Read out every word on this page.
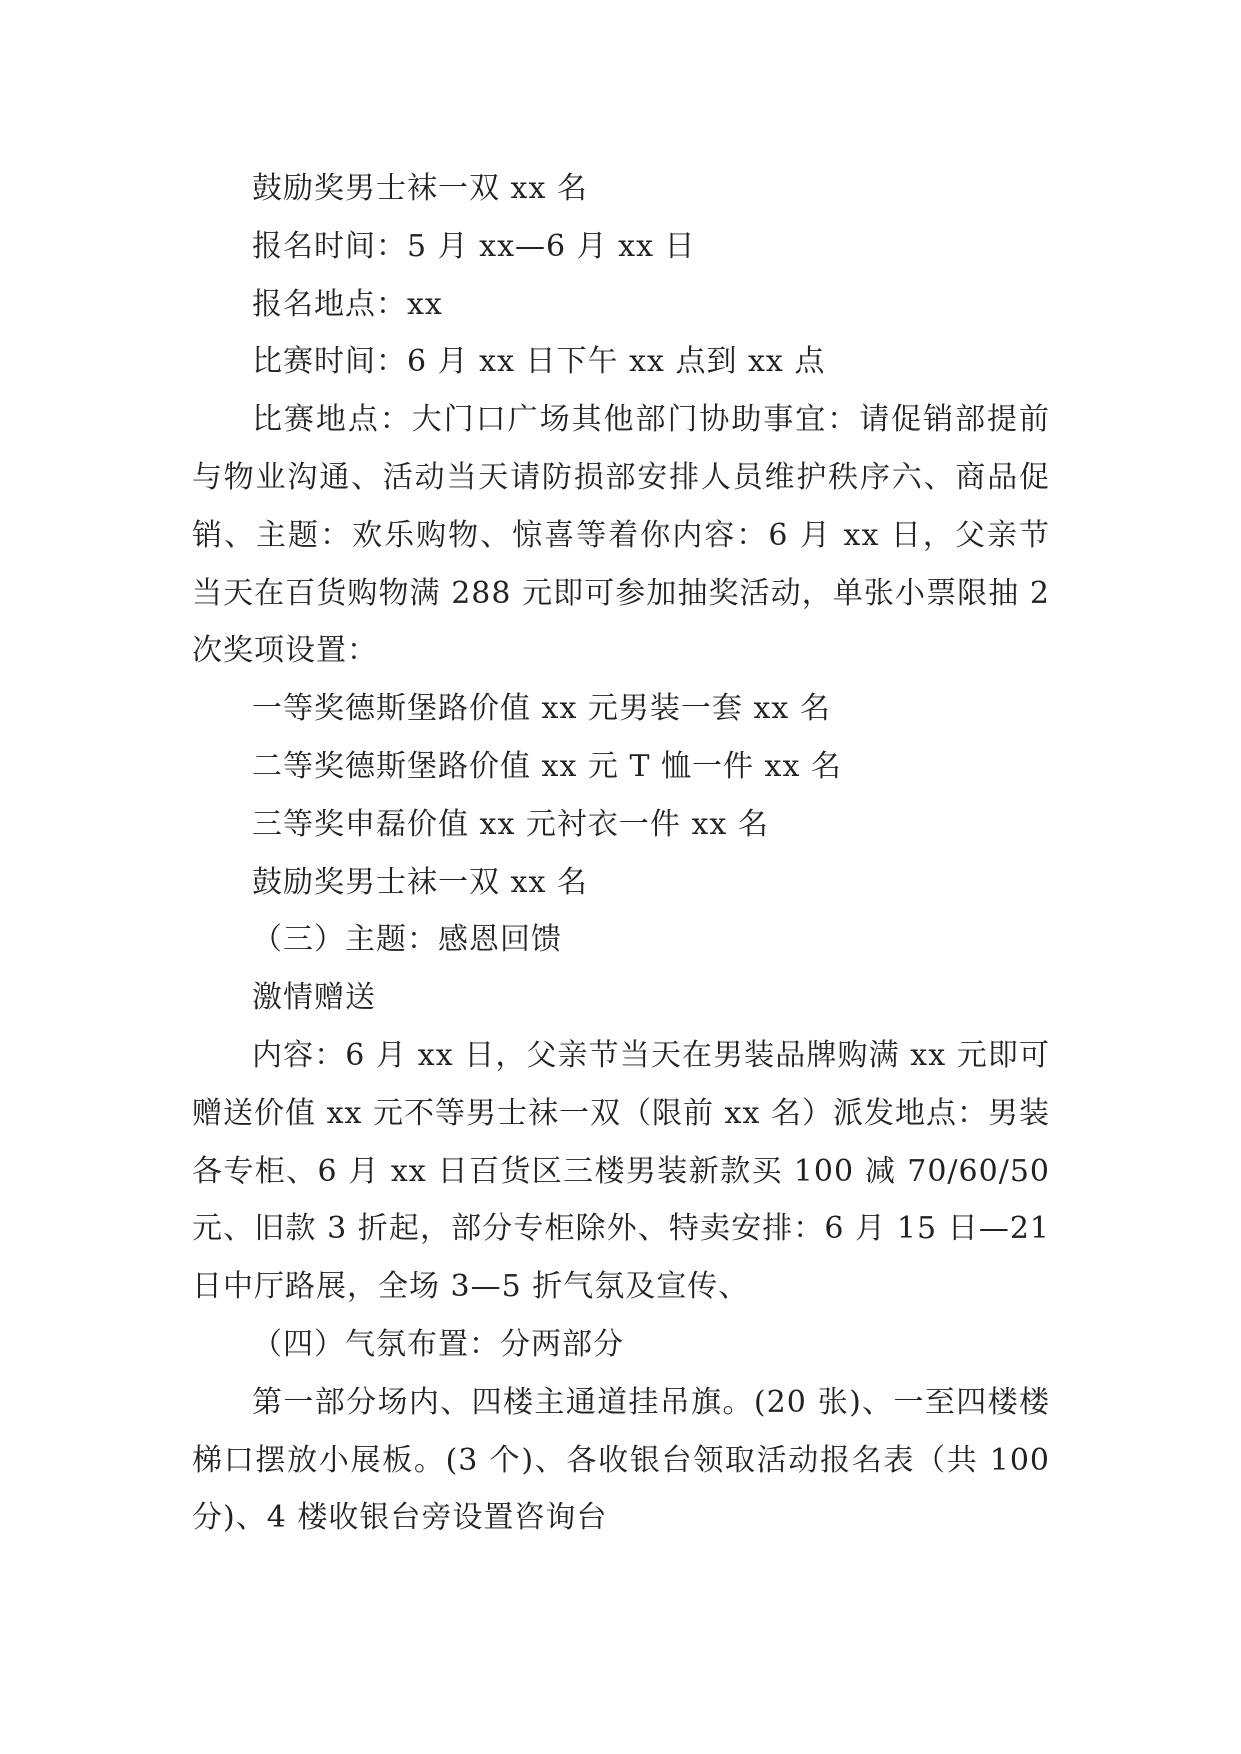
鼓励奖男士袜一双 xx 名

报名时间：5 月 xx—6 月 xx 日

报名地点：xx

比赛时间：6 月 xx 日下午 xx 点到 xx 点

比赛地点：大门口广场其他部门协助事宜：请促销部提前与物业沟通、活动当天请防损部安排人员维护秩序六、商品促销、主题：欢乐购物、惊喜等着你内容：6 月 xx 日，父亲节当天在百货购物满 288 元即可参加抽奖活动，单张小票限抽 2 次奖项设置：

一等奖德斯堡路价值 xx 元男装一套 xx 名

二等奖德斯堡路价值 xx 元 T 恤一件 xx 名

三等奖申磊价值 xx 元衬衣一件 xx 名

鼓励奖男士袜一双 xx 名

（三）主题：感恩回馈

激情赠送

内容：6 月 xx 日，父亲节当天在男装品牌购满 xx 元即可赠送价值 xx 元不等男士袜一双（限前 xx 名）派发地点：男装各专柜、6 月 xx 日百货区三楼男装新款买 100 减 70/60/50 元、旧款 3 折起，部分专柜除外、特卖安排：6 月 15 日—21 日中厅路展，全场 3—5 折气氛及宣传、

（四）气氛布置：分两部分

第一部分场内、四楼主通道挂吊旗。(20 张)、一至四楼楼梯口摆放小展板。(3 个)、各收银台领取活动报名表（共 100 分)、4 楼收银台旁设置咨询台
